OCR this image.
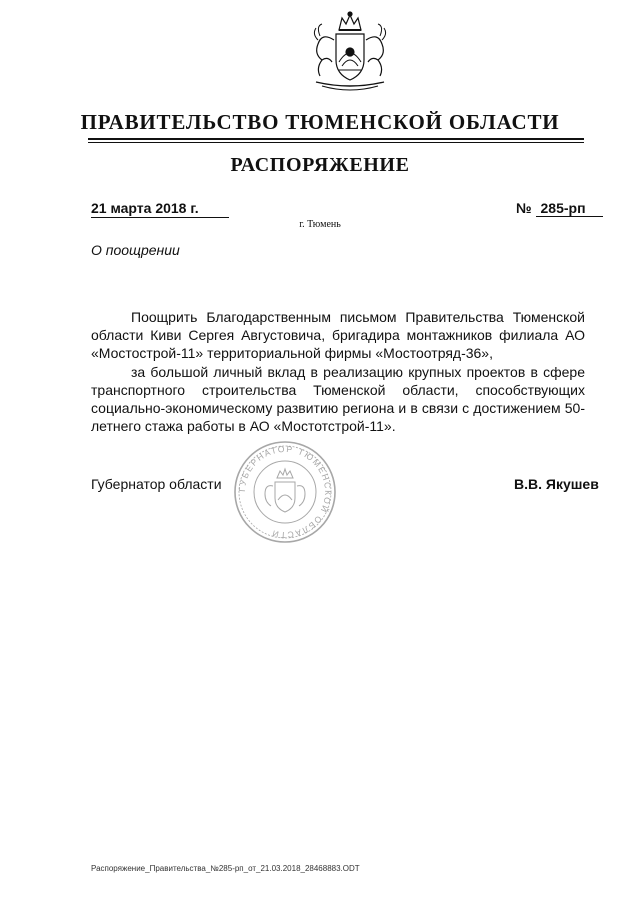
ПРАВИТЕЛЬСТВО ТЮМЕНСКОЙ ОБЛАСТИ
РАСПОРЯЖЕНИЕ
21 марта 2018 г.	№ 285-рп
г. Тюмень
О поощрении
Поощрить Благодарственным письмом Правительства Тюменской области Киви Сергея Августовича, бригадира монтажников филиала АО «Мостострой-11» территориальной фирмы «Мостоотряд-36»,
за большой личный вклад в реализацию крупных проектов в сфере транспортного строительства Тюменской области, способствующих социально-экономическому развитию региона и в связи с достижением 50-летнего стажа работы в АО «Мостотстрой-11».
ГУБЕРНАТОР ТЮМЕНСКОЙ ОБЛАСТИ
Губернатор области	В.В. Якушев
Распоряжение_Правительства_№285-рп_от_21.03.2018_28468883.ODT
